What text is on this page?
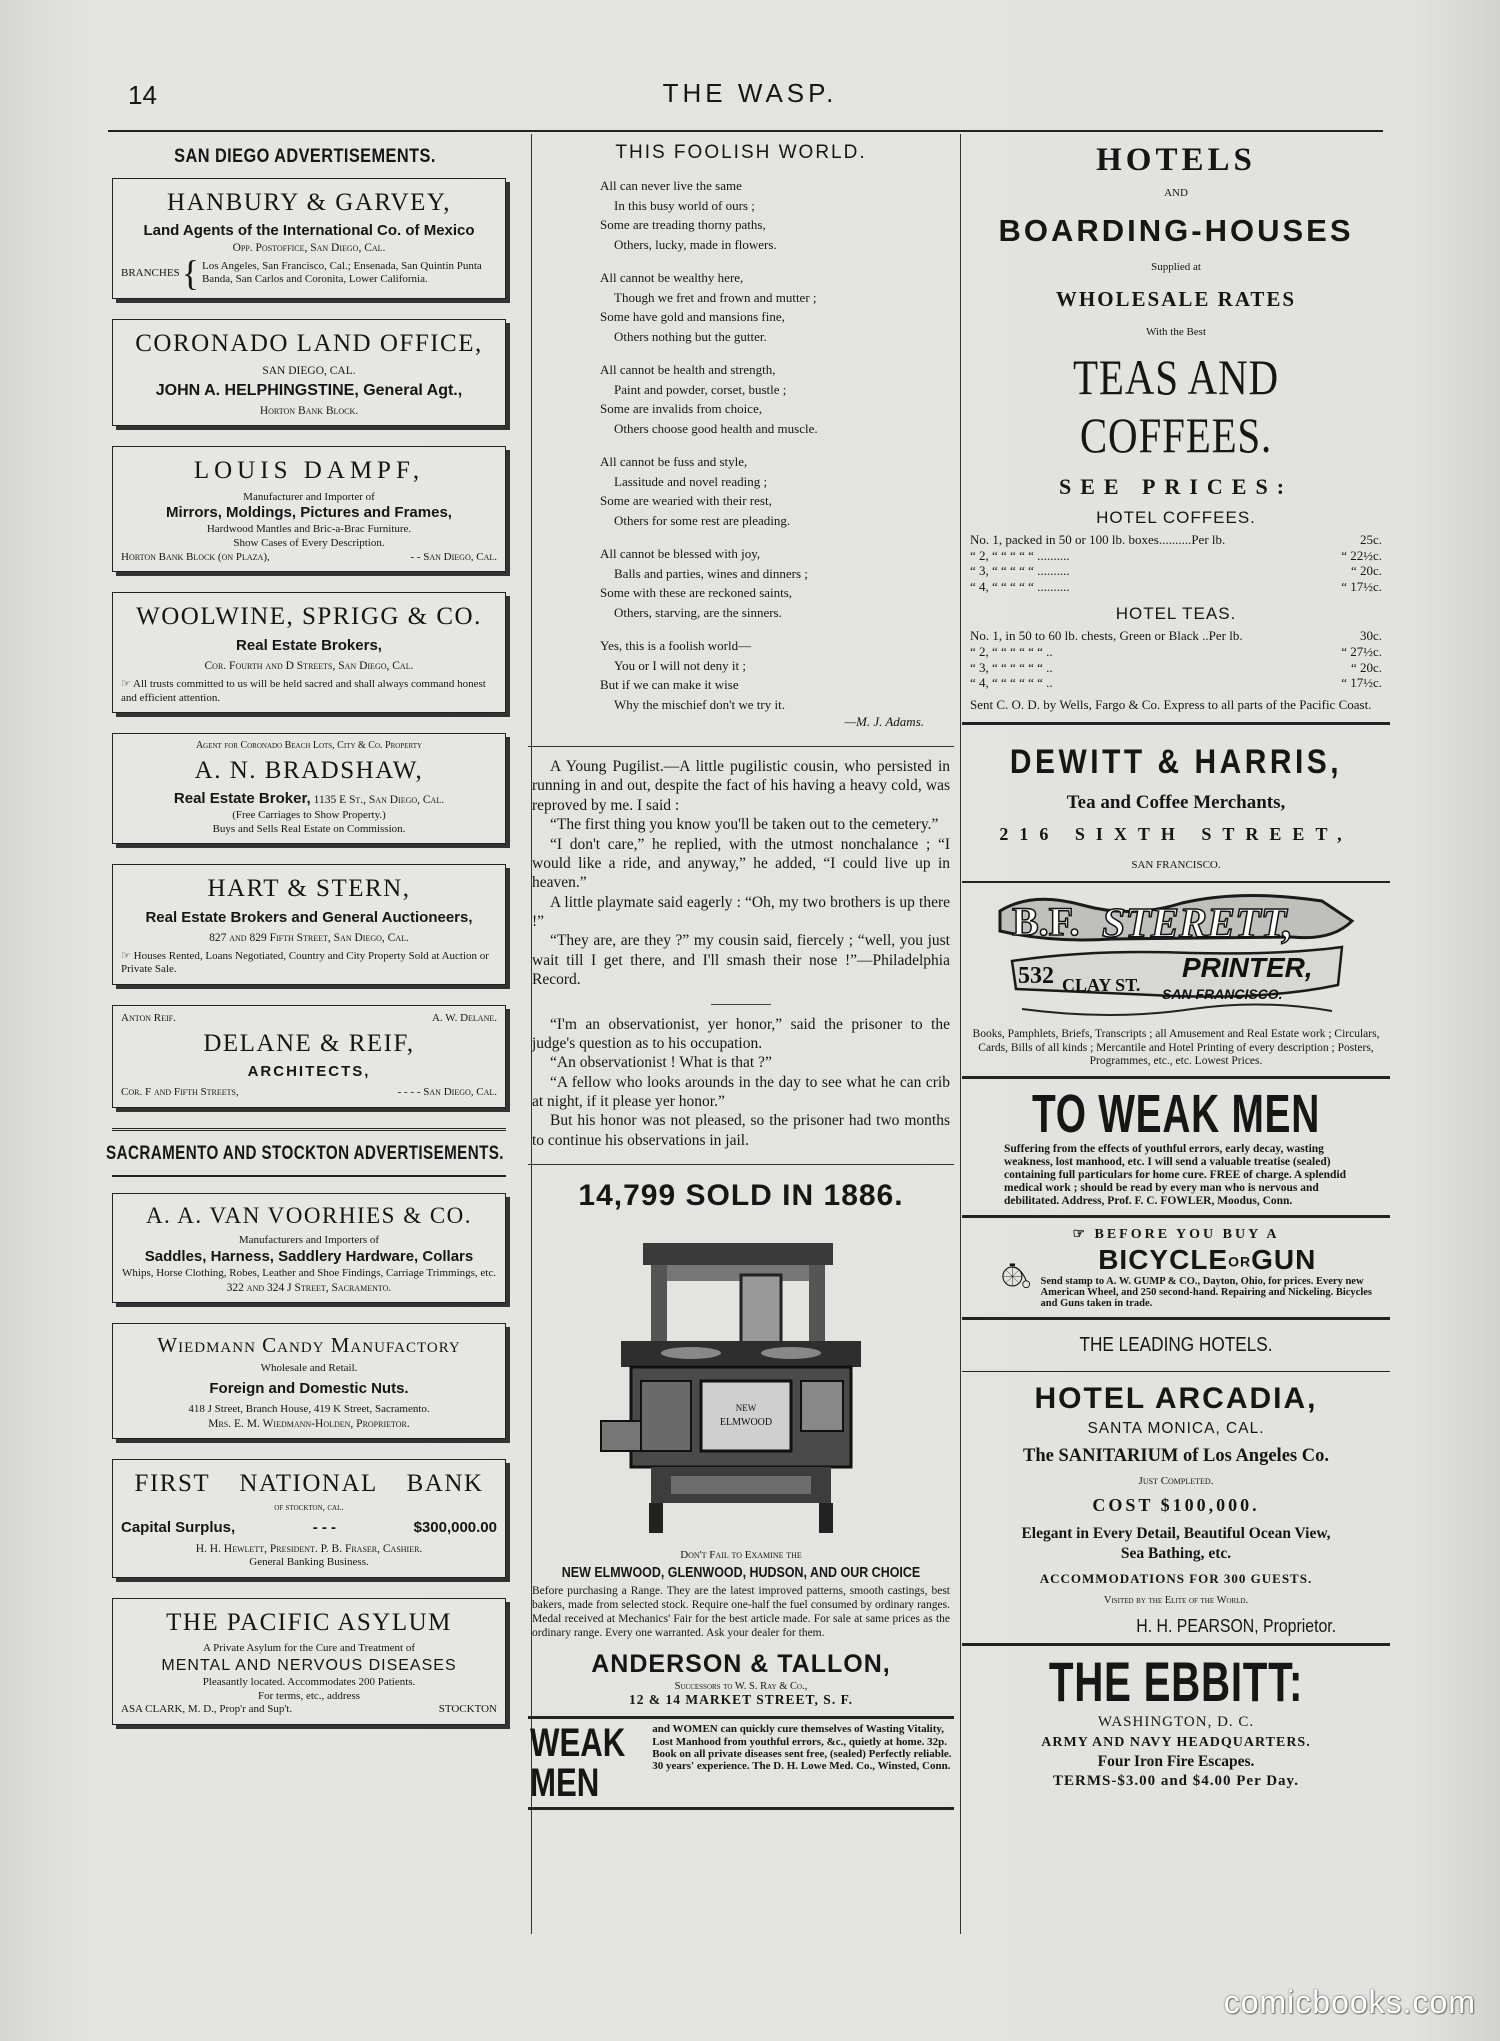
14	THE WASP.
SAN DIEGO ADVERTISEMENTS.
HANBURY & GARVEY,
Land Agents of the International Co. of Mexico
Opp. Postoffice, San Diego, Cal.
BRANCHES { Los Angeles, San Francisco, Cal.; Ensenada, San Quintin Punta Banda, San Carlos and Coronita, Lower California.
CORONADO LAND OFFICE,
SAN DIEGO, CAL.
JOHN A. HELPHINGSTINE, General Agt.,
Horton Bank Block.
LOUIS DAMPF,
Manufacturer and Importer of
Mirrors, Moldings, Pictures and Frames,
Hardwood Mantles and Bric-a-Brac Furniture.
Show Cases of Every Description.
Horton Bank Block (on Plaza),	- - San Diego, Cal.
WOOLWINE, SPRIGG & CO.
Real Estate Brokers,
Cor. Fourth and D Streets, San Diego, Cal.
☞ All trusts committed to us will be held sacred and shall always command honest and efficient attention.
Agent for Coronado Beach Lots, City & Co. Property
A. N. BRADSHAW,
Real Estate Broker, 1135 E St., San Diego, Cal.
(Free Carriages to Show Property.)
Buys and Sells Real Estate on Commission.
HART & STERN,
Real Estate Brokers and General Auctioneers,
827 and 829 Fifth Street, San Diego, Cal.
☞ Houses Rented, Loans Negotiated, Country and City Property Sold at Auction or Private Sale.
Anton Reif.	A. W. Delane.
DELANE & REIF,
ARCHITECTS,
Cor. F and Fifth Streets,	- - - - San Diego, Cal.
SACRAMENTO AND STOCKTON ADVERTISEMENTS.
A. A. VAN VOORHIES & CO.
Manufacturers and Importers of
Saddles, Harness, Saddlery Hardware, Collars
Whips, Horse Clothing, Robes, Leather and Shoe Findings, Carriage Trimmings, etc.
322 and 324 J Street, Sacramento.
Wiedmann Candy Manufactory
Wholesale and Retail.
Foreign and Domestic Nuts.
418 J Street, Branch House, 419 K Street, Sacramento.
Mrs. E. M. Wiedmann-Holden, Proprietor.
FIRST NATIONAL BANK
of stockton, cal.
Capital Surplus,	- - -	$300,000.00
H. H. Hewlett, President. P. B. Fraser, Cashier.
General Banking Business.
THE PACIFIC ASYLUM
A Private Asylum for the Cure and Treatment of
MENTAL AND NERVOUS DISEASES
Pleasantly located. Accommodates 200 Patients.
For terms, etc., address
ASA CLARK, M. D., Prop'r and Sup't.	STOCKTON
THIS FOOLISH WORLD.
All can never live the same
In this busy world of ours ;
Some are treading thorny paths,
Others, lucky, made in flowers.
All cannot be wealthy here,
Though we fret and frown and mutter ;
Some have gold and mansions fine,
Others nothing but the gutter.
All cannot be health and strength,
Paint and powder, corset, bustle ;
Some are invalids from choice,
Others choose good health and muscle.
All cannot be fuss and style,
Lassitude and novel reading ;
Some are wearied with their rest,
Others for some rest are pleading.
All cannot be blessed with joy,
Balls and parties, wines and dinners ;
Some with these are reckoned saints,
Others, starving, are the sinners.
Yes, this is a foolish world—
You or I will not deny it ;
But if we can make it wise
Why the mischief don't we try it.
—M. J. Adams.

A Young Pugilist.—A little pugilistic cousin, who persisted in running in and out, despite the fact of his having a heavy cold, was reproved by me. I said :

“The first thing you know you'll be taken out to the cemetery.”

“I don't care,” he replied, with the utmost nonchalance ; “I would like a ride, and anyway,” he added, “I could live up in heaven.”

A little playmate said eagerly : “Oh, my two brothers is up there !”

“They are, are they ?” my cousin said, fiercely ; “well, you just wait till I get there, and I'll smash their nose !”—Philadelphia Record.

“I'm an observationist, yer honor,” said the prisoner to the judge's question as to his occupation.

“An observationist ! What is that ?”

“A fellow who looks arounds in the day to see what he can crib at night, if it please yer honor.”

But his honor was not pleased, so the prisoner had two months to continue his observations in jail.

14,799 SOLD IN 1886.
NEW
ELMWOOD
Don't Fail to Examine the
NEW ELMWOOD, GLENWOOD, HUDSON, AND OUR CHOICE
Before purchasing a Range. They are the latest improved patterns, smooth castings, best bakers, made from selected stock. Require one-half the fuel consumed by ordinary ranges. Medal received at Mechanics' Fair for the best article made. For sale at same prices as the ordinary range. Every one warranted. Ask your dealer for them.
ANDERSON & TALLON,
Successors to W. S. Ray & Co.,
12 & 14 MARKET STREET, S. F.
WEAK MEN
and WOMEN can quickly cure themselves of Wasting Vitality, Lost Manhood from youthful errors, &c., quietly at home. 32p. Book on all private diseases sent free, (sealed) Perfectly reliable. 30 years' experience. The D. H. Lowe Med. Co., Winsted, Conn.
HOTELS
AND
BOARDING-HOUSES
Supplied at
WHOLESALE RATES
With the Best
TEAS AND COFFEES.
SEE PRICES:
HOTEL COFFEES.
No. 1, packed in 50 or 100 lb. boxes..........Per lb.	25c.
“ 2, “ “ “ “ “ ..........	“ 22½c.
“ 3, “ “ “ “ “ ..........	“ 20c.
“ 4, “ “ “ “ “ ..........	“ 17½c.
HOTEL TEAS.
No. 1, in 50 to 60 lb. chests, Green or Black ..Per lb.	30c.
“ 2, “ “ “ “ “ “ ..	“ 27½c.
“ 3, “ “ “ “ “ “ ..	“ 20c.
“ 4, “ “ “ “ “ “ ..	“ 17½c.
Sent C. O. D. by Wells, Fargo & Co. Express to all parts of the Pacific Coast.
DEWITT & HARRIS,
Tea and Coffee Merchants,
216 SIXTH STREET,
SAN FRANCISCO.
B.F. STERETT,
PRINTER,
532 CLAY ST. SAN FRANCISCO.
Books, Pamphlets, Briefs, Transcripts ; all Amusement and Real Estate work ; Circulars, Cards, Bills of all kinds ; Mercantile and Hotel Printing of every description ; Posters, Programmes, etc., etc. Lowest Prices.
TO WEAK MEN
Suffering from the effects of youthful errors, early decay, wasting weakness, lost manhood, etc. I will send a valuable treatise (sealed) containing full particulars for home cure. FREE of charge. A splendid medical work ; should be read by every man who is nervous and debilitated. Address, Prof. F. C. FOWLER, Moodus, Conn.
☞ BEFORE YOU BUY A
BICYCLEORGUN
Send stamp to A. W. GUMP & CO., Dayton, Ohio, for prices. Every new American Wheel, and 250 second-hand. Repairing and Nickeling. Bicycles and Guns taken in trade.
THE LEADING HOTELS.
HOTEL ARCADIA,
SANTA MONICA, CAL.
The SANITARIUM of Los Angeles Co.
Just Completed.
COST $100,000.
Elegant in Every Detail, Beautiful Ocean View,
Sea Bathing, etc.
ACCOMMODATIONS FOR 300 GUESTS.
Visited by the Elite of the World.
H. H. PEARSON, Proprietor.
THE EBBITT:
WASHINGTON, D. C.
ARMY AND NAVY HEADQUARTERS.
Four Iron Fire Escapes.
TERMS-$3.00 and $4.00 Per Day.
comicbooks.com
